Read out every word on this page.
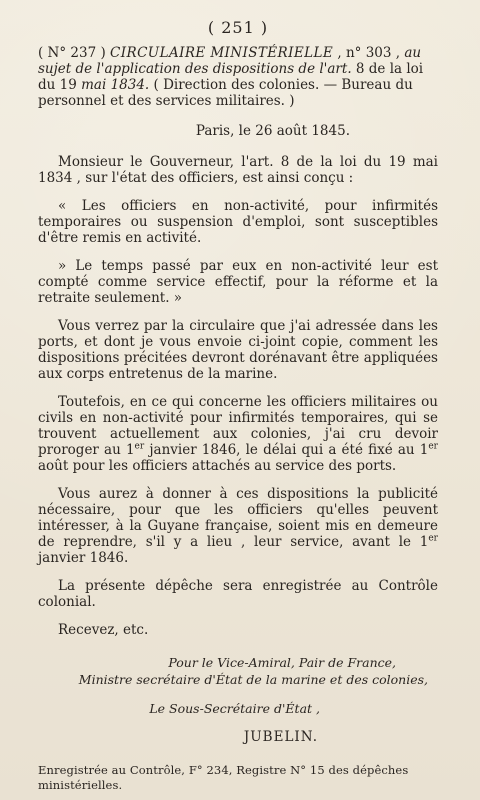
( 251 )

( N° 237 ) CIRCULAIRE MINISTÉRIELLE , n° 303 , au sujet de l'application des dispositions de l'art. 8 de la loi du 19 mai 1834. ( Direction des colonies. — Bureau du personnel et des services militaires. )

Paris, le 26 août 1845.

Monsieur le Gouverneur, l'art. 8 de la loi du 19 mai 1834 , sur l'état des officiers, est ainsi conçu :

« Les officiers en non-activité, pour infirmités temporaires ou suspension d'emploi, sont susceptibles d'être remis en activité.

» Le temps passé par eux en non-activité leur est compté comme service effectif, pour la réforme et la retraite seulement. »

Vous verrez par la circulaire que j'ai adressée dans les ports, et dont je vous envoie ci-joint copie, comment les dispositions précitées devront dorénavant être appliquées aux corps entretenus de la marine.

Toutefois, en ce qui concerne les officiers militaires ou civils en non-activité pour infirmités temporaires, qui se trouvent actuellement aux colonies, j'ai cru devoir proroger au 1er janvier 1846, le délai qui a été fixé au 1er août pour les officiers attachés au service des ports.

Vous aurez à donner à ces dispositions la publicité nécessaire, pour que les officiers qu'elles peuvent intéresser, à la Guyane française, soient mis en demeure de reprendre, s'il y a lieu , leur service, avant le 1er janvier 1846.

La présente dépêche sera enregistrée au Contrôle colonial.

Recevez, etc.

Pour le Vice-Amiral, Pair de France,

Ministre secrétaire d'État de la marine et des colonies,

Le Sous-Secrétaire d'État ,

JUBELIN.

Enregistrée au Contrôle, F° 234, Registre N° 15 des dépêches ministérielles.
